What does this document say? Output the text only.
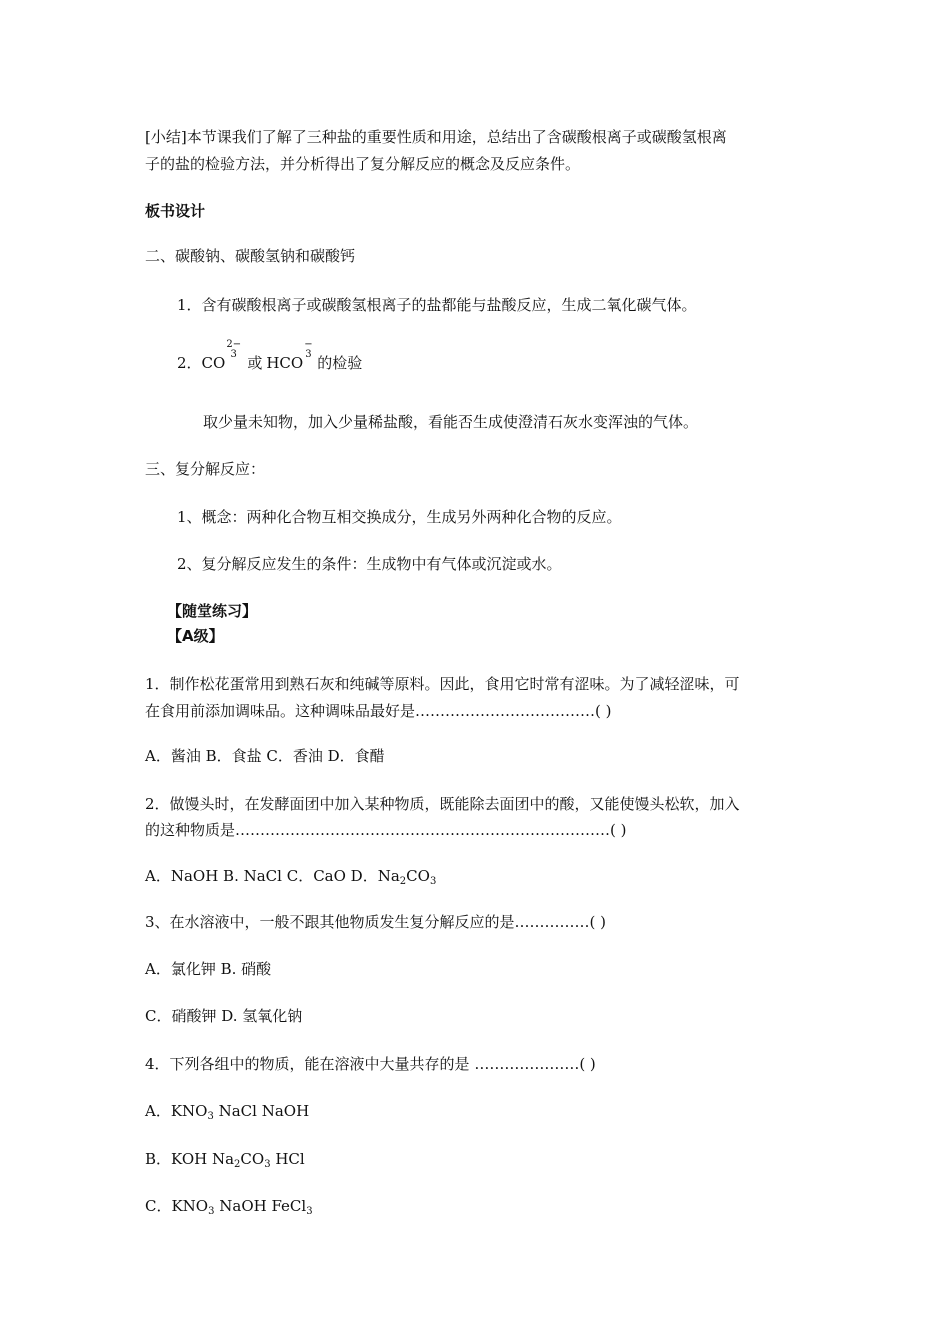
[小结]本节课我们了解了三种盐的重要性质和用途，总结出了含碳酸根离子或碳酸氢根离
子的盐的检验方法，并分析得出了复分解反应的概念及反应条件。
板书设计
二、碳酸钠、碳酸氢钠和碳酸钙
1．含有碳酸根离子或碳酸氢根离子的盐都能与盐酸反应，生成二氧化碳气体。
2．CO
2−
3 或 HCO
−
3 的检验
取少量未知物，加入少量稀盐酸，看能否生成使澄清石灰水变浑浊的气体。
三、复分解反应：
1、概念：两种化合物互相交换成分，生成另外两种化合物的反应。
2、复分解反应发生的条件：生成物中有气体或沉淀或水。
【随堂练习】
【A级】
1．制作松花蛋常用到熟石灰和纯碱等原料。因此，食用它时常有涩味。为了减轻涩味，可
在食用前添加调味品。这种调味品最好是………………………………( )
A．酱油 B．食盐 C．香油 D．食醋
2．做馒头时，在发酵面团中加入某种物质，既能除去面团中的酸，又能使馒头松软，加入
的这种物质是…………………………………………………………………( )
A．NaOH B. NaCl C．CaO D．$Na_2CO_3$
3、在水溶液中，一般不跟其他物质发生复分解反应的是……………( )
A．氯化钾 B. 硝酸
C．硝酸钾 D. 氢氧化钠
4．下列各组中的物质，能在溶液中大量共存的是 …………………( )
A．$KNO_3$ NaCl NaOH
B．KOH $Na_2CO_3$ HCl
C．$KNO_3$ NaOH FeCl$_3$
